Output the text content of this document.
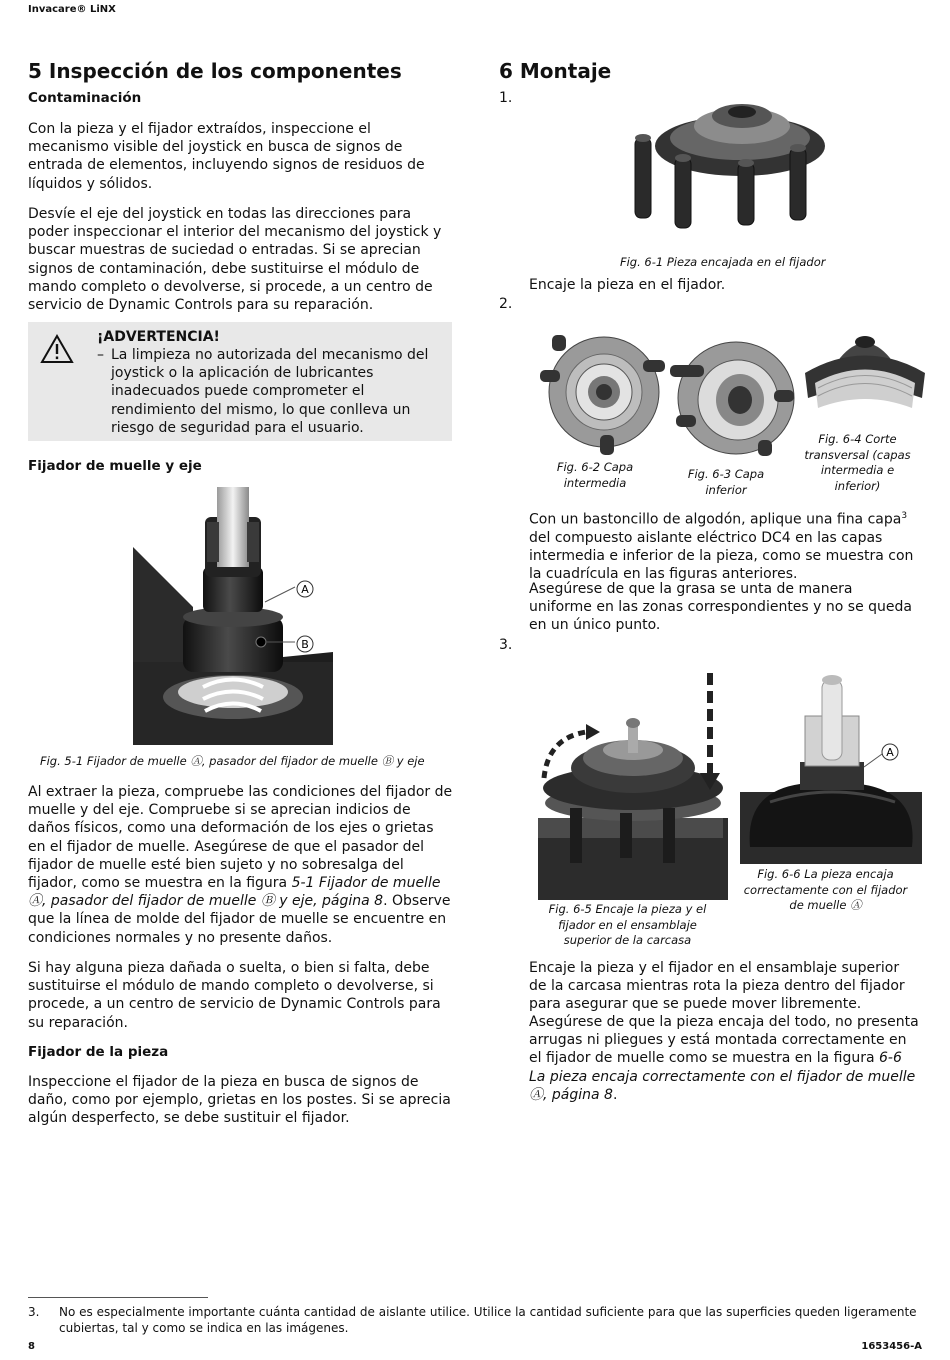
Invacare® LiNX
5 Inspección de los componentes
Contaminación

Con la pieza y el fijador extraídos, inspeccione el mecanismo visible del joystick en busca de signos de entrada de elementos, incluyendo signos de residuos de líquidos y sólidos.

Desvíe el eje del joystick en todas las direcciones para poder inspeccionar el interior del mecanismo del joystick y buscar muestras de suciedad o entradas. Si se aprecian signos de contaminación, debe sustituirse el módulo de mando completo o devolverse, si procede, a un centro de servicio de Dynamic Controls para su reparación.

¡ADVERTENCIA!
– La limpieza no autorizada del mecanismo del joystick o la aplicación de lubricantes inadecuados puede comprometer el rendimiento del mismo, lo que conlleva un riesgo de seguridad para el usuario.

Fijador de muelle y eje
A
B
Fig. 5-1 Fijador de muelle Ⓐ, pasador del fijador de muelle Ⓑ y eje

Al extraer la pieza, compruebe las condiciones del fijador de muelle y del eje. Compruebe si se aprecian indicios de daños físicos, como una deformación de los ejes o grietas en el fijador de muelle. Asegúrese de que el pasador del fijador de muelle esté bien sujeto y no sobresalga del fijador, como se muestra en la figura 5-1 Fijador de muelle Ⓐ, pasador del fijador de muelle Ⓑ y eje, página 8. Observe que la línea de molde del fijador de muelle se encuentre en condiciones normales y no presente daños.

Si hay alguna pieza dañada o suelta, o bien si falta, debe sustituirse el módulo de mando completo o devolverse, si procede, a un centro de servicio de Dynamic Controls para su reparación.

Fijador de la pieza

Inspeccione el fijador de la pieza en busca de signos de daño, como por ejemplo, grietas en los postes. Si se aprecia algún desperfecto, se debe sustituir el fijador.

6 Montaje
1.
Fig. 6-1 Pieza encajada en el fijador
Encaje la pieza en el fijador.
2.
Fig. 6-2 Capa intermedia
Fig. 6-3 Capa inferior
Fig. 6-4 Corte transversal (capas intermedia e inferior)

Con un bastoncillo de algodón, aplique una fina capa$^3$ del compuesto aislante eléctrico DC4 en las capas intermedia e inferior de la pieza, como se muestra con la cuadrícula en las figuras anteriores.

Asegúrese de que la grasa se unta de manera uniforme en las zonas correspondientes y no se queda en un único punto.

3.
Fig. 6-5 Encaje la pieza y el fijador en el ensamblaje superior de la carcasa
A
Fig. 6-6 La pieza encaja correctamente con el fijador de muelle Ⓐ

Encaje la pieza y el fijador en el ensamblaje superior de la carcasa mientras rota la pieza dentro del fijador para asegurar que se puede mover libremente.

Asegúrese de que la pieza encaja del todo, no presenta arrugas ni pliegues y está montada correctamente en el fijador de muelle como se muestra en la figura 6-6 La pieza encaja correctamente con el fijador de muelle Ⓐ, página 8.

3. No es especialmente importante cuánta cantidad de aislante utilice. Utilice la cantidad suficiente para que las superficies queden ligeramente cubiertas, tal y como se indica en las imágenes.
8	1653456-A
